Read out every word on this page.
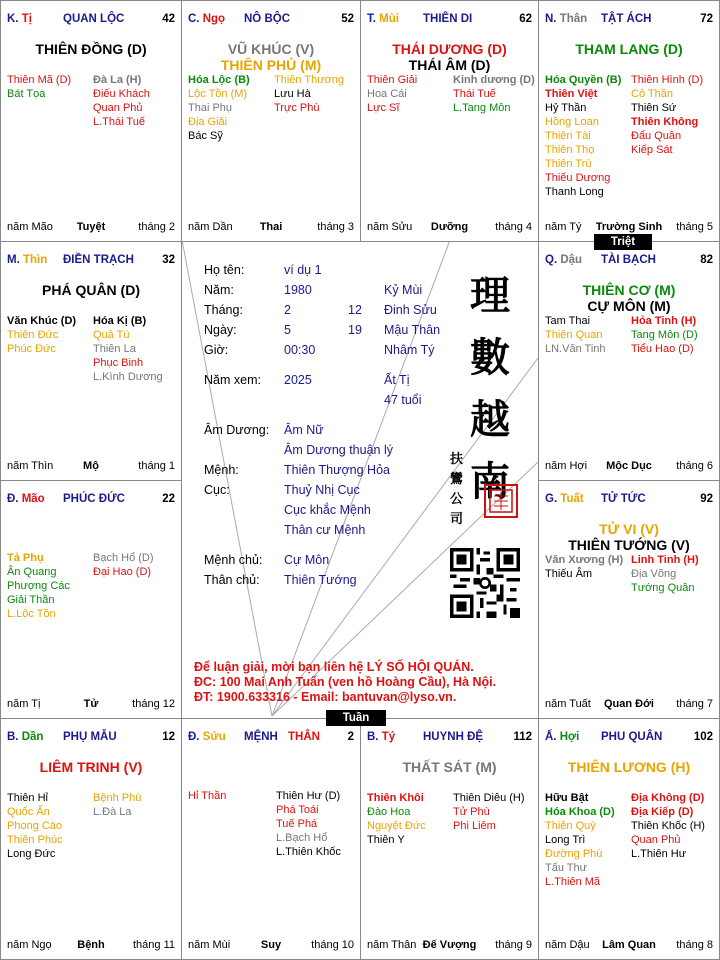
K. Tị	QUAN LỘC	42
THIÊN ĐỒNG (D)
Thiên Mã (D)
Bát Tọa
Đà La (H)
Điếu Khách
Quan Phủ
L.Thái Tuế
năm Mão	Tuyệt	tháng 2
C. Ngọ NÔ BỘC	52
VŨ KHÚC (V)
THIÊN PHỦ (M)
Hóa Lộc (B)
Lộc Tồn (M)
Thai Phụ
Địa Giải
Bác Sỹ
Thiên Thương
Lưu Hà
Trực Phù
năm Dần	Thai	tháng 3
T. Mùi THIÊN DI	62
THÁI DƯƠNG (D)
THÁI ÂM (D)
Thiên Giải
Hoa Cái
Lực Sĩ
Kinh dương (D)
Thái Tuế
L.Tang Môn
năm Sửu	Dưỡng	tháng 4
N. Thân TẬT ÁCH	72
THAM LANG (D)
Hóa Quyền (B)
Thiên Việt
Hỷ Thần
Hồng Loan
Thiên Tài
Thiên Thọ
Thiên Trù
Thiếu Dương
Thanh Long
Thiên Hình (D)
Cô Thần
Thiên Sứ
Thiên Không
Đẩu Quân
Kiếp Sát
năm Tý	Trường Sinh	tháng 5
M. Thìn ĐIỀN TRẠCH 32
PHÁ QUÂN (D)
Văn Khúc (D)
Thiên Đức
Phúc Đức
Hóa Kị (B)
Quả Tú
Thiên La
Phục Binh
L.Kình Dương
năm Thìn	Mộ	tháng 1
Q. Dậu TÀI BẠCH	82
THIÊN CƠ (M)
CỰ MÔN (M)
Tam Thai
Thiên Quan
LN.Văn Tinh
Hỏa Tinh (H)
Tang Môn (D)
Tiểu Hao (D)
năm Hợi	Mộc Dục	tháng 6
Đ. Mão PHÚC ĐỨC	22
Tả Phụ
Ân Quang
Phượng Các
Giải Thần
L.Lộc Tồn
Bạch Hổ (D)
Đại Hao (D)
năm Tị	Tử	tháng 12
G. Tuất TỬ TỨC	92
TỬ VI (V)
THIÊN TƯỚNG (V)
Văn Xương (H)
Thiếu Âm
Linh Tinh (H)
Địa Võng
Tướng Quân
năm Tuất	Quan Đới	tháng 7
B. Dần PHỤ MẪU	12
LIÊM TRINH (V)
Thiên Hỉ
Quốc Ấn
Phong Cáo
Thiên Phúc
Long Đức
Bệnh Phù
L.Đà La
năm Ngọ	Bệnh	tháng 11
Đ. Sửu MỆNH THÂN 2
Hỉ Thần	Thiên Hư (D)
Phá Toái
Tuế Phá
L.Bạch Hổ
L.Thiên Khốc
năm Mùi	Suy	tháng 10
B. Tý HUYNH ĐỆ	112
THẤT SÁT (M)
Thiên Khôi
Đào Hoa
Nguyệt Đức
Thiên Y
Thiên Diêu (H)
Tử Phù
Phi Liêm
năm Thân Đế Vượng	tháng 9
Ấ. Hợi PHU QUÂN	102
THIÊN LƯƠNG (H)
Hữu Bật
Hóa Khoa (D)
Thiên Quý
Long Trì
Đường Phù
Tấu Thư
L.Thiên Mã
Địa Không (D)
Địa Kiếp (D)
Thiên Khốc (H)
Quan Phủ
L.Thiên Hư
năm Dậu	Lâm Quan	tháng 8
Họ tên:	ví dụ 1
Năm:	1980	Kỷ Mùi
Tháng:	2	12 Đinh Sửu
Ngày:	5	19 Mậu Thân
Giờ:	00:30	Nhâm Tý
Năm xem: 2025	Ất Tị
47 tuổi
Âm Dương: Âm Nữ
Âm Dương thuận lý
Mệnh:	Thiên Thượng Hỏa
Cục:	Thuỷ Nhị Cục
Cục khắc Mệnh
Thân cư Mệnh
Mệnh chủ: Cự Môn
Thân chủ: Thiên Tướng
理
數
越
南
扶
鸞
公
司
Để luận giải, mời bạn liên hệ LÝ SỐ HỘI QUÁN.
ĐC: 100 Mai Anh Tuấn (ven hồ Hoàng Cầu), Hà Nội.
ĐT: 1900.633316 - Email: bantuvan@lyso.vn.
Triệt
Tuần
